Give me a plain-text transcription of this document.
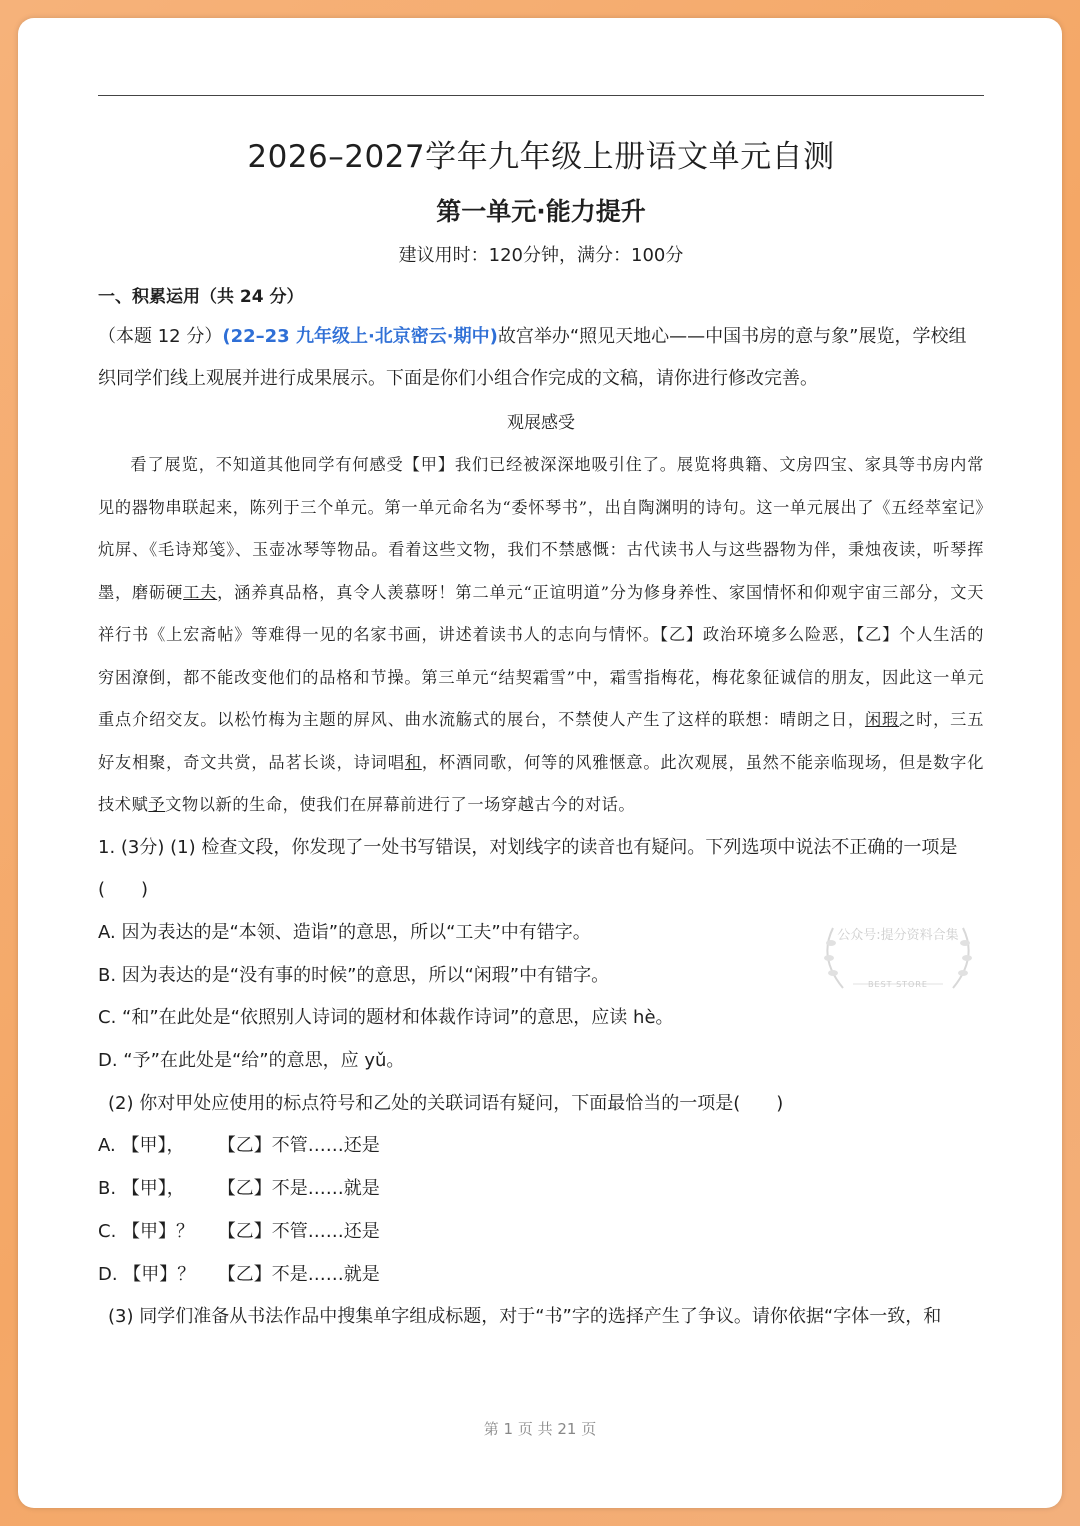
2026–2027学年九年级上册语文单元自测
第一单元·能力提升
建议用时：120分钟，满分：100分
一、积累运用（共 24 分）
（本题 12 分）(22–23 九年级上·北京密云·期中)故宫举办“照见天地心——中国书房的意与象”展览，学校组织同学们线上观展并进行成果展示。下面是你们小组合作完成的文稿，请你进行修改完善。
观展感受

看了展览，不知道其他同学有何感受【甲】我们已经被深深地吸引住了。展览将典籍、文房四宝、家具等书房内常见的器物串联起来，陈列于三个单元。第一单元命名为“委怀琴书”，出自陶渊明的诗句。这一单元展出了《五经萃室记》炕屏、《毛诗郑笺》、玉壶冰琴等物品。看着这些文物，我们不禁感慨：古代读书人与这些器物为伴，秉烛夜读，听琴挥墨，磨砺硬工夫，涵养真品格，真令人羡慕呀！第二单元“正谊明道”分为修身养性、家国情怀和仰观宇宙三部分，文天祥行书《上宏斋帖》等难得一见的名家书画，讲述着读书人的志向与情怀。【乙】政治环境多么险恶，【乙】个人生活的穷困潦倒，都不能改变他们的品格和节操。第三单元“结契霜雪”中，霜雪指梅花，梅花象征诚信的朋友，因此这一单元重点介绍交友。以松竹梅为主题的屏风、曲水流觞式的展台，不禁使人产生了这样的联想：晴朗之日，闲瑕之时，三五好友相聚，奇文共赏，品茗长谈，诗词唱和，杯酒同歌，何等的风雅惬意。此次观展，虽然不能亲临现场，但是数字化技术赋予文物以新的生命，使我们在屏幕前进行了一场穿越古今的对话。

1. (3分) (1) 检查文段，你发现了一处书写错误，对划线字的读音也有疑问。下列选项中说法不正确的一项是
(　　)
A. 因为表达的是“本领、造诣”的意思，所以“工夫”中有错字。
B. 因为表达的是“没有事的时候”的意思，所以“闲瑕”中有错字。
C. “和”在此处是“依照别人诗词的题材和体裁作诗词”的意思，应读 hè。
D. “予”在此处是“给”的意思，应 yǔ。
(2) 你对甲处应使用的标点符号和乙处的关联词语有疑问，下面最恰当的一项是(　　)
A. 【甲】，　 【乙】不管……还是
B. 【甲】，　 【乙】不是……就是
C. 【甲】？　 【乙】不管……还是
D. 【甲】？　 【乙】不是……就是
(3) 同学们准备从书法作品中搜集单字组成标题，对于“书”字的选择产生了争议。请你依据“字体一致，和
公众号:提分资料合集
BEST STORE
第 1 页 共 21 页
